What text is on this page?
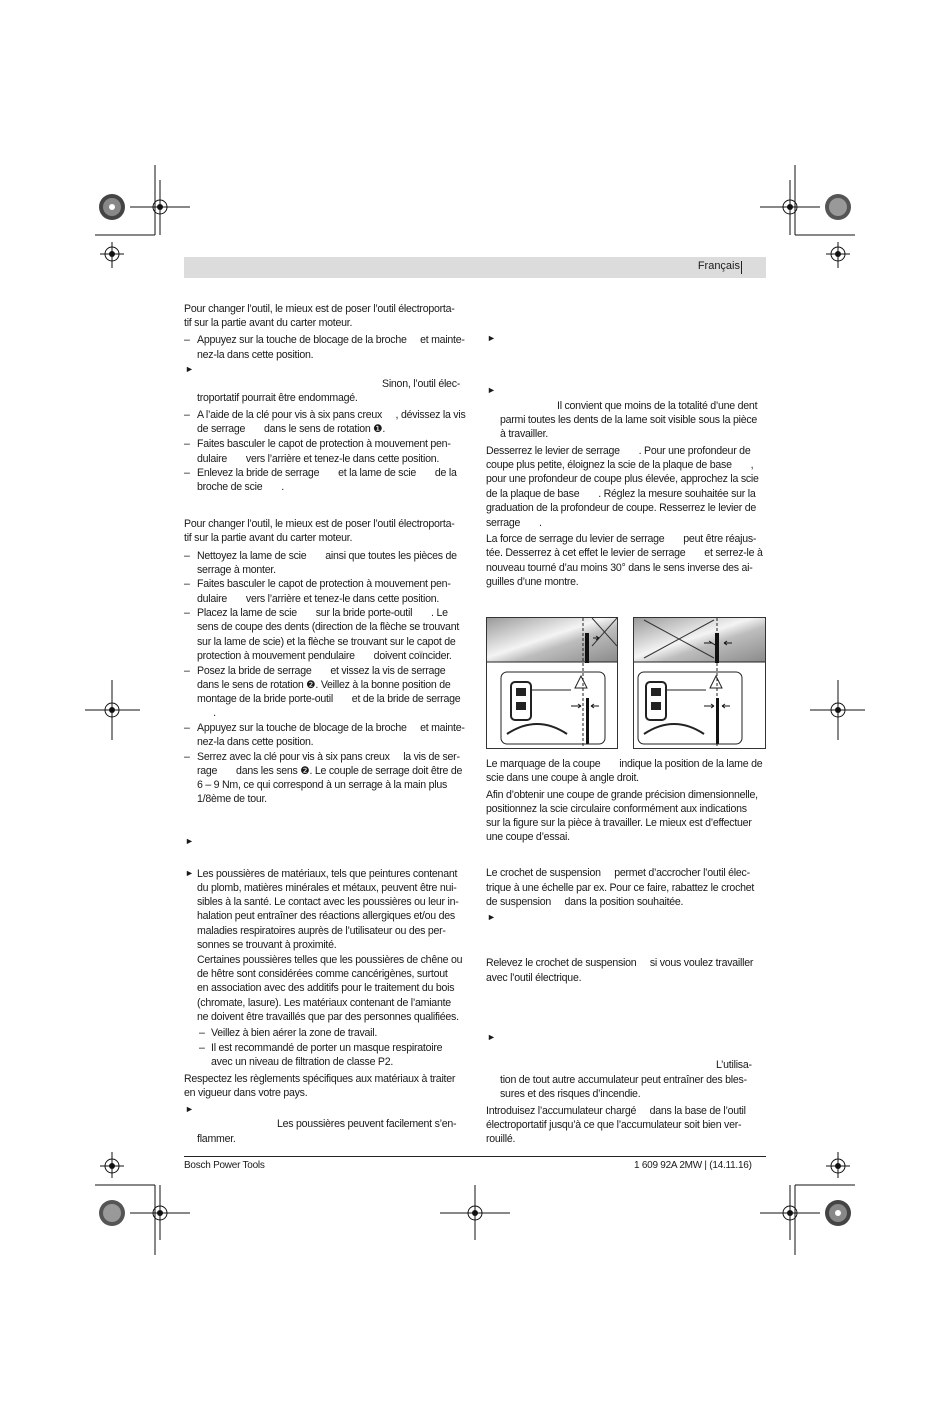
Français
Pour changer l’outil, le mieux est de poser l’outil électroporta-
tif sur la partie avant du carter moteur.
– Appuyez sur la touche de blocage de la broche     et mainte-
nez-la dans cette position.
►
Sinon, l’outil élec-
troportatif pourrait être endommagé.
– A l’aide de la clé pour vis à six pans creux     , dévissez la vis
de serrage       dans le sens de rotation ❶.
– Faites basculer le capot de protection à mouvement pen-
dulaire       vers l’arrière et tenez-le dans cette position.
– Enlevez la bride de serrage       et la lame de scie       de la
broche de scie       .
Pour changer l’outil, le mieux est de poser l’outil électroporta-
tif sur la partie avant du carter moteur.
– Nettoyez la lame de scie       ainsi que toutes les pièces de
serrage à monter.
– Faites basculer le capot de protection à mouvement pen-
dulaire       vers l’arrière et tenez-le dans cette position.
– Placez la lame de scie       sur la bride porte-outil       . Le
sens de coupe des dents (direction de la flèche se trouvant
sur la lame de scie) et la flèche se trouvant sur le capot de
protection à mouvement pendulaire       doivent coïncider.
– Posez la bride de serrage       et vissez la vis de serrage
dans le sens de rotation ❷. Veillez à la bonne position de
montage de la bride porte-outil       et de la bride de serrage
.
– Appuyez sur la touche de blocage de la broche     et mainte-
nez-la dans cette position.
– Serrez avec la clé pour vis à six pans creux     la vis de ser-
rage       dans les sens ❷. Le couple de serrage doit être de
6 – 9 Nm, ce qui correspond à un serrage à la main plus
1/8ème de tour.
►
► Les poussières de matériaux, tels que peintures contenant
du plomb, matières minérales et métaux, peuvent être nui-
sibles à la santé. Le contact avec les poussières ou leur in-
halation peut entraîner des réactions allergiques et/ou des
maladies respiratoires auprès de l’utilisateur ou des per-
sonnes se trouvant à proximité.
Certaines poussières telles que les poussières de chêne ou
de hêtre sont considérées comme cancérigènes, surtout
en association avec des additifs pour le traitement du bois
(chromate, lasure). Les matériaux contenant de l’amiante
ne doivent être travaillés que par des personnes qualifiées.
– Veillez à bien aérer la zone de travail.
– Il est recommandé de porter un masque respiratoire
avec un niveau de filtration de classe P2.
Respectez les règlements spécifiques aux matériaux à traiter
en vigueur dans votre pays.
►
Les poussières peuvent facilement s’en-
flammer.
►
►
Il convient que moins de la totalité d’une dent
parmi toutes les dents de la lame soit visible sous la pièce
à travailler.
Desserrez le levier de serrage       . Pour une profondeur de
coupe plus petite, éloignez la scie de la plaque de base       ,
pour une profondeur de coupe plus élevée, approchez la scie
de la plaque de base       . Réglez la mesure souhaitée sur la
graduation de la profondeur de coupe. Resserrez le levier de
serrage       .
La force de serrage du levier de serrage       peut être réajus-
tée. Desserrez à cet effet le levier de serrage       et serrez-le à
nouveau tourné d’au moins 30° dans le sens inverse des ai-
guilles d’une montre.
Le marquage de la coupe       indique la position de la lame de
scie dans une coupe à angle droit.
Afin d’obtenir une coupe de grande précision dimensionnelle,
positionnez la scie circulaire conformément aux indications
sur la figure sur la pièce à travailler. Le mieux est d’effectuer
une coupe d’essai.
Le crochet de suspension     permet d’accrocher l’outil élec-
trique à une échelle par ex. Pour ce faire, rabattez le crochet
de suspension     dans la position souhaitée.
►
Relevez le crochet de suspension     si vous voulez travailler
avec l’outil électrique.
►
L’utilisa-
tion de tout autre accumulateur peut entraîner des bles-
sures et des risques d’incendie.
Introduisez l’accumulateur chargé     dans la base de l’outil
électroportatif jusqu’à ce que l’accumulateur soit bien ver-
rouillé.
Bosch Power Tools	1 609 92A 2MW | (14.11.16)
